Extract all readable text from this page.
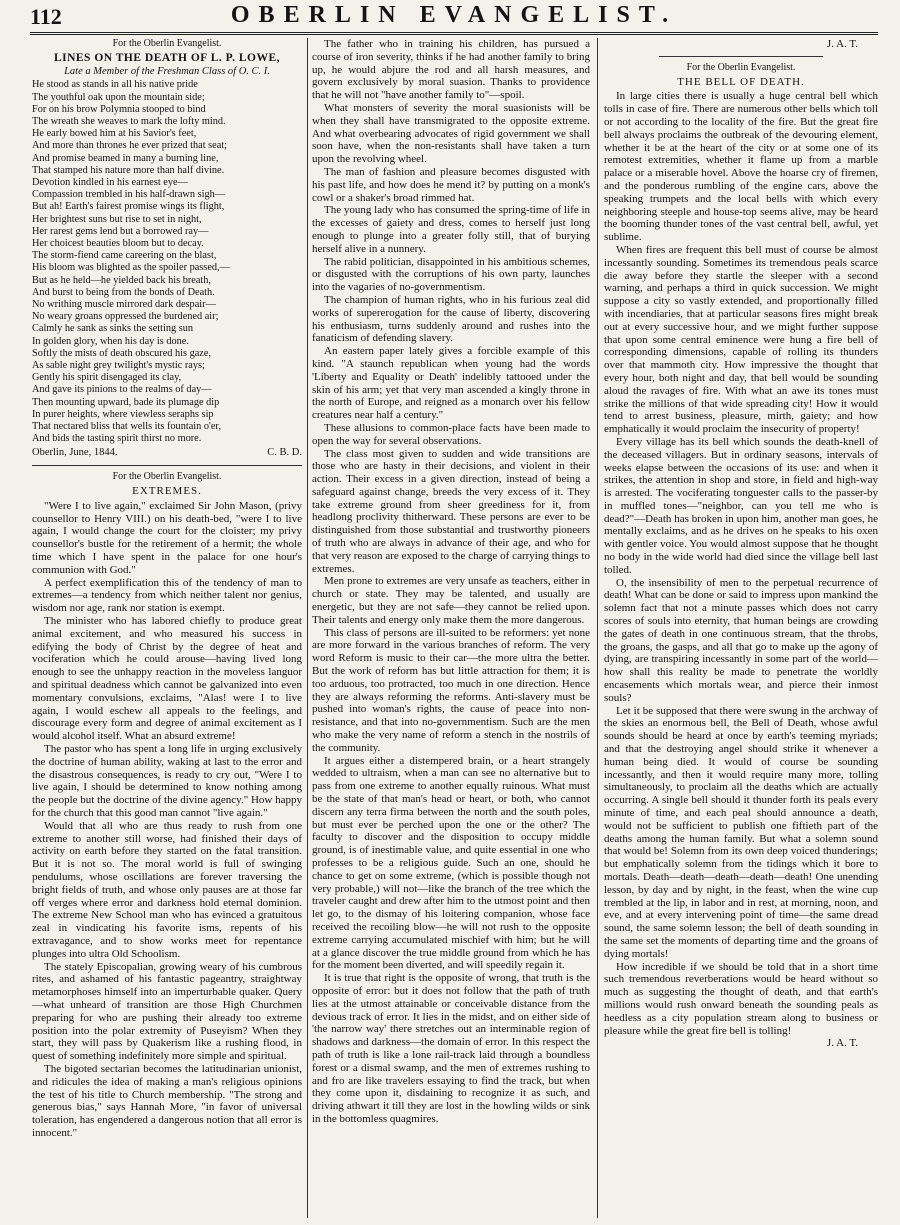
112	OBERLIN EVANGELIST.

For the Oberlin Evangelist.

LINES ON THE DEATH OF L. P. LOWE,

Late a Member of the Freshman Class of O. C. I.

He stood as stands in all his native pride

The youthful oak upon the mountain side;

For on his brow Polymnia stooped to bind

The wreath she weaves to mark the lofty mind.

He early bowed him at his Savior's feet,

And more than thrones he ever prized that seat;

And promise beamed in many a burning line,

That stamped his nature more than half divine.

Devotion kindled in his earnest eye—

Compassion trembled in his half-drawn sigh—

But ah! Earth's fairest promise wings its flight,

Her brightest suns but rise to set in night,

Her rarest gems lend but a borrowed ray—

Her choicest beauties bloom but to decay.

The storm-fiend came careering on the blast,

His bloom was blighted as the spoiler passed,—

But as he held—he yielded back his breath,

And burst to being from the bonds of Death.

No writhing muscle mirrored dark despair—

No weary groans oppressed the burdened air;

Calmly he sank as sinks the setting sun

In golden glory, when his day is done.

Softly the mists of death obscured his gaze,

As sable night grey twilight's mystic rays;

Gently his spirit disengaged its clay,

And gave its pinions to the realms of day—

Then mounting upward, bade its plumage dip

In purer heights, where viewless seraphs sip

That nectared bliss that wells its fountain o'er,

And bids the tasting spirit thirst no more.

Oberlin, June, 1844.	C. B. D.

For the Oberlin Evangelist.

EXTREMES.

"Were I to live again," exclaimed Sir John Mason, (privy counsellor to Henry VIII.) on his death-bed, "were I to live again, I would change the court for the cloister; my privy counsellor's bustle for the retirement of a hermit; the whole time which I have spent in the palace for one hour's communion with God."

A perfect exemplification this of the tendency of man to extremes—a tendency from which neither talent nor genius, wisdom nor age, rank nor station is exempt.

The minister who has labored chiefly to produce great animal excitement, and who measured his success in edifying the body of Christ by the degree of heat and vociferation which he could arouse—having lived long enough to see the unhappy reaction in the moveless languor and spiritual deadness which cannot be galvanized into even momentary convulsions, exclaims, "Alas! were I to live again, I would eschew all appeals to the feelings, and discourage every form and degree of animal excitement as I would alcohol itself. What an absurd extreme!

The pastor who has spent a long life in urging exclusively the doctrine of human ability, waking at last to the error and the disastrous consequences, is ready to cry out, "Were I to live again, I should be determined to know nothing among the people but the doctrine of the divine agency." How happy for the church that this good man cannot "live again."

Would that all who are thus ready to rush from one extreme to another still worse, had finished their days of activity on earth before they started on the fatal transition. But it is not so. The moral world is full of swinging pendulums, whose oscillations are forever traversing the bright fields of truth, and whose only pauses are at those far off verges where error and darkness hold eternal dominion. The extreme New School man who has evinced a gratuitous zeal in vindicating his favorite isms, repents of his extravagance, and to show works meet for repentance plunges into ultra Old Schoolism.

The stately Episcopalian, growing weary of his cumbrous rites, and ashamed of his fantastic pageantry, straightway metamorphoses himself into an imperturbable quaker. Query—what unheard of transition are those High Churchmen preparing for who are pushing their already too extreme position into the polar extremity of Puseyism? When they start, they will pass by Quakerism like a rushing flood, in quest of something indefinitely more simple and spiritual.

The bigoted sectarian becomes the latitudinarian unionist, and ridicules the idea of making a man's religious opinions the test of his title to Church membership. "The strong and generous bias," says Hannah More, "in favor of universal toleration, has engendered a dangerous notion that all error is innocent."

The father who in training his children, has pursued a course of iron severity, thinks if he had another family to bring up, he would abjure the rod and all harsh measures, and govern exclusively by moral suasion. Thanks to providence that he will not "have another family to"—spoil.

What monsters of severity the moral suasionists will be when they shall have transmigrated to the opposite extreme. And what overbearing advocates of rigid government we shall soon have, when the non-resistants shall have taken a turn upon the revolving wheel.

The man of fashion and pleasure becomes disgusted with his past life, and how does he mend it? by putting on a monk's cowl or a shaker's broad rimmed hat.

The young lady who has consumed the spring-time of life in the excesses of gaiety and dress, comes to herself just long enough to plunge into a greater folly still, that of burying herself alive in a nunnery.

The rabid politician, disappointed in his ambitious schemes, or disgusted with the corruptions of his own party, launches into the vagaries of no-governmentism.

The champion of human rights, who in his furious zeal did works of supererogation for the cause of liberty, discovering his enthusiasm, turns suddenly around and rushes into the fanaticism of defending slavery.

An eastern paper lately gives a forcible example of this kind. "A staunch republican when young had the words 'Liberty and Equality or Death' indelibly tattooed under the skin of his arm; yet that very man ascended a kingly throne in the north of Europe, and reigned as a monarch over his fellow creatures near half a century."

These allusions to common-place facts have been made to open the way for several observations.

The class most given to sudden and wide transitions are those who are hasty in their decisions, and violent in their action. Their excess in a given direction, instead of being a safeguard against change, breeds the very excess of it. They take extreme ground from sheer greediness for it, from headlong proclivity thitherward. These persons are ever to be distinguished from those substantial and trustworthy pioneers of truth who are always in advance of their age, and who for that very reason are exposed to the charge of carrying things to extremes.

Men prone to extremes are very unsafe as teachers, either in church or state. They may be talented, and usually are energetic, but they are not safe—they cannot be relied upon. Their talents and energy only make them the more dangerous.

This class of persons are ill-suited to be reformers: yet none are more forward in the various branches of reform. The very word Reform is music to their car—the more ultra the better. But the work of reform has but little attraction for them; it is too arduous, too protracted, too much in one direction. Hence they are always reforming the reforms. Anti-slavery must be pushed into woman's rights, the cause of peace into non-resistance, and that into no-governmentism. Such are the men who make the very name of reform a stench in the nostrils of the community.

It argues either a distempered brain, or a heart strangely wedded to ultraism, when a man can see no alternative but to pass from one extreme to another equally ruinous. What must be the state of that man's head or heart, or both, who cannot discern any terra firma between the north and the south poles, but must ever be perched upon the one or the other? The faculty to discover and the disposition to occupy middle ground, is of inestimable value, and quite essential in one who professes to be a religious guide. Such an one, should he chance to get on some extreme, (which is possible though not very probable,) will not—like the branch of the tree which the traveler caught and drew after him to the utmost point and then let go, to the dismay of his loitering companion, whose face received the recoiling blow—he will not rush to the opposite extreme carrying accumulated mischief with him; but he will at a glance discover the true middle ground from which he has for the moment been diverted, and will speedily regain it.

It is true that right is the opposite of wrong, that truth is the opposite of error: but it does not follow that the path of truth lies at the utmost attainable or conceivable distance from the devious track of error. It lies in the midst, and on either side of 'the narrow way' there stretches out an interminable region of shadows and darkness—the domain of error. In this respect the path of truth is like a lone rail-track laid through a boundless forest or a dismal swamp, and the men of extremes rushing to and fro are like travelers essaying to find the track, but when they come upon it, disdaining to recognize it as such, and driving athwart it till they are lost in the howling wilds or sink in the bottomless quagmires.

J. A. T.

For the Oberlin Evangelist.

THE BELL OF DEATH.

In large cities there is usually a huge central bell which tolls in case of fire. There are numerous other bells which toll or not according to the locality of the fire. But the great fire bell always proclaims the outbreak of the devouring element, whether it be at the heart of the city or at some one of its remotest extremities, whether it flame up from a marble palace or a miserable hovel. Above the hoarse cry of firemen, and the ponderous rumbling of the engine cars, above the speaking trumpets and the local bells with which every neighboring steeple and house-top seems alive, may be heard the booming thunder tones of the vast central bell, awful, yet sublime.

When fires are frequent this bell must of course be almost incessantly sounding. Sometimes its tremendous peals scarce die away before they startle the sleeper with a second warning, and perhaps a third in quick succession. We might suppose a city so vastly extended, and proportionally filled with incendiaries, that at particular seasons fires might break out at every successive hour, and we might further suppose that upon some central eminence were hung a fire bell of corresponding dimensions, capable of rolling its thunders over that mammoth city. How impressive the thought that every hour, both night and day, that bell would be sounding aloud the ravages of fire. With what an awe its tones must strike the millions of that wide spreading city! How it would tend to arrest business, pleasure, mirth, gaiety; and how emphatically it would proclaim the insecurity of property!

Every village has its bell which sounds the death-knell of the deceased villagers. But in ordinary seasons, intervals of weeks elapse between the occasions of its use: and when it strikes, the attention in shop and store, in field and high-way is arrested. The vociferating tonguester calls to the passer-by in muffled tones—"neighbor, can you tell me who is dead?"—Death has broken in upon him, another man goes, he mentally exclaims, and as he drives on he speaks to his oxen with gentler voice. You would almost suppose that he thought no body in the wide world had died since the village bell last tolled.

O, the insensibility of men to the perpetual recurrence of death! What can be done or said to impress upon mankind the solemn fact that not a minute passes which does not carry scores of souls into eternity, that human beings are crowding the gates of death in one continuous stream, that the throbs, the groans, the gasps, and all that go to make up the agony of dying, are transpiring incessantly in some part of the world—how shall this reality be made to penetrate the worldly encasements which mortals wear, and pierce their inmost souls?

Let it be supposed that there were swung in the archway of the skies an enormous bell, the Bell of Death, whose awful sounds should be heard at once by earth's teeming myriads; and that the destroying angel should strike it whenever a human being died. It would of course be sounding incessantly, and then it would require many more, tolling simultaneously, to proclaim all the deaths which are actually occurring. A single bell should it thunder forth its peals every minute of time, and each peal should announce a death, would not be sufficient to publish one fiftieth part of the deaths among the human family. But what a solemn sound that would be! Solemn from its own deep voiced thunderings; but emphatically solemn from the tidings which it bore to mortals. Death—death—death—death—death! One unending lesson, by day and by night, in the feast, when the wine cup trembled at the lip, in labor and in rest, at morning, noon, and eve, and at every intervening point of time—the same dread sound, the same solemn lesson; the bell of death sounding in the same set the moments of departing time and the groans of dying mortals!

How incredible if we should be told that in a short time such tremendous reverberations would be heard without so much as suggesting the thought of death, and that earth's millions would rush onward beneath the sounding peals as heedless as a city population stream along to business or pleasure while the great fire bell is tolling!

J. A. T.
